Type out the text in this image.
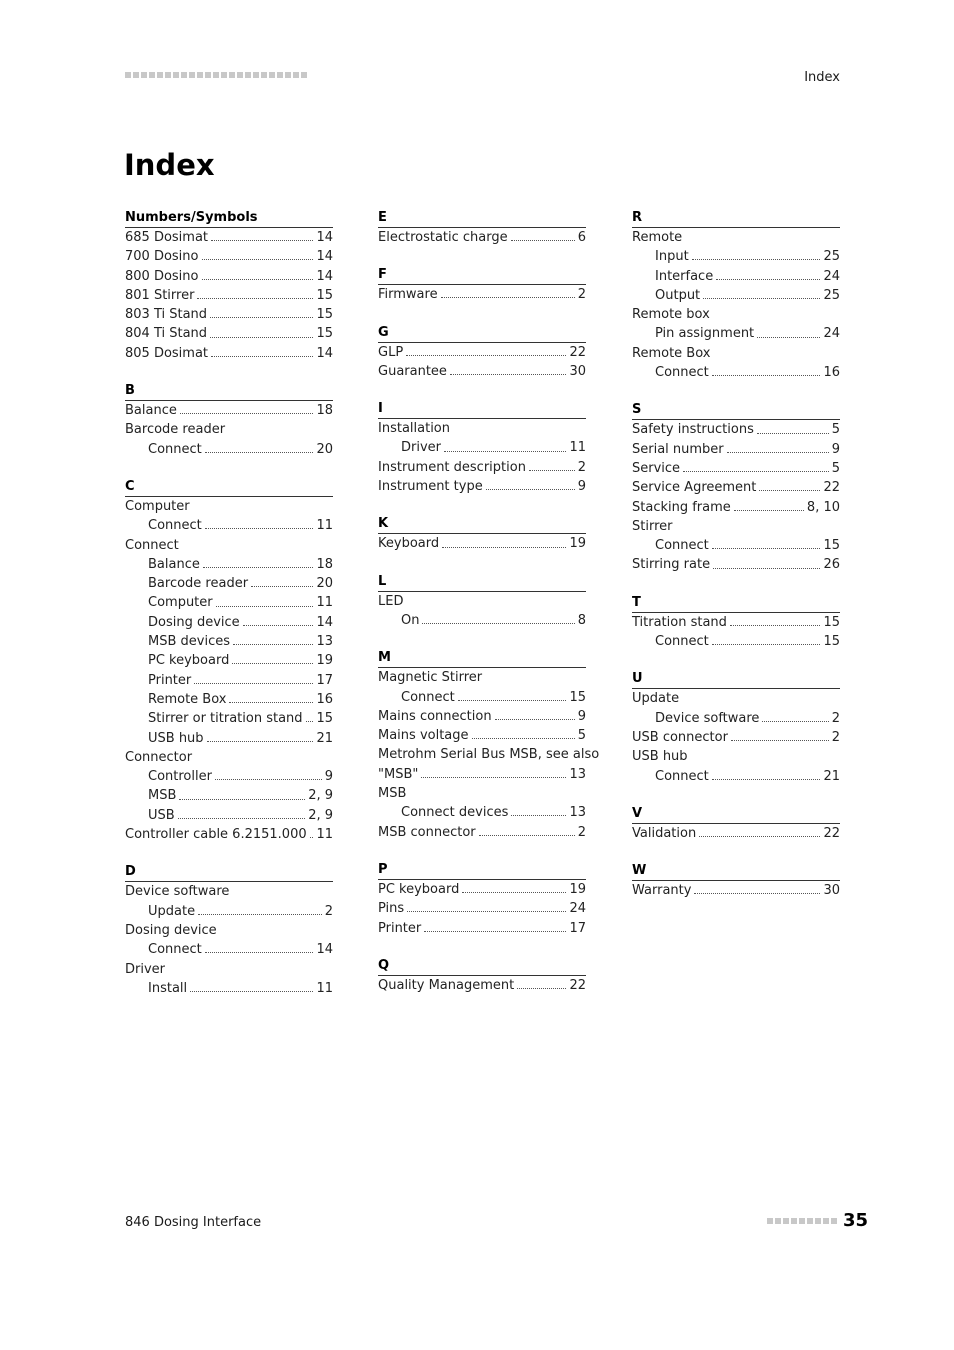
Index
Index
Numbers/Symbols
685 Dosimat	14
700 Dosino	14
800 Dosino	14
801 Stirrer	15
803 Ti Stand	15
804 Ti Stand	15
805 Dosimat	14
B
Balance	18
Barcode reader
Connect	20
C
Computer
Connect	11
Connect
Balance	18
Barcode reader	20
Computer	11
Dosing device	14
MSB devices	13
PC keyboard	19
Printer	17
Remote Box	16
Stirrer or titration stand 15
USB hub	21
Connector
Controller	9
MSB	2, 9
USB	2, 9
Controller cable 6.2151.000 11
D
Device software
Update	2
Dosing device
Connect	14
Driver
Install	11
E
Electrostatic charge	6
F
Firmware	2
G
GLP	22
Guarantee	30
I
Installation
Driver	11
Instrument description	2
Instrument type	9
K
Keyboard	19
L
LED
On	8
M
Magnetic Stirrer
Connect	15
Mains connection	9
Mains voltage	5
Metrohm Serial Bus MSB, see also
"MSB"	13
MSB
Connect devices	13
MSB connector	2
P
PC keyboard	19
Pins	24
Printer	17
Q
Quality Management	22
R
Remote
Input	25
Interface	24
Output	25
Remote box
Pin assignment	24
Remote Box
Connect	16
S
Safety instructions	5
Serial number	9
Service	5
Service Agreement	22
Stacking frame	8, 10
Stirrer
Connect	15
Stirring rate	26
T
Titration stand	15
Connect	15
U
Update
Device software	2
USB connector	2
USB hub
Connect	21
V
Validation	22
W
Warranty	30
846 Dosing Interface	35
